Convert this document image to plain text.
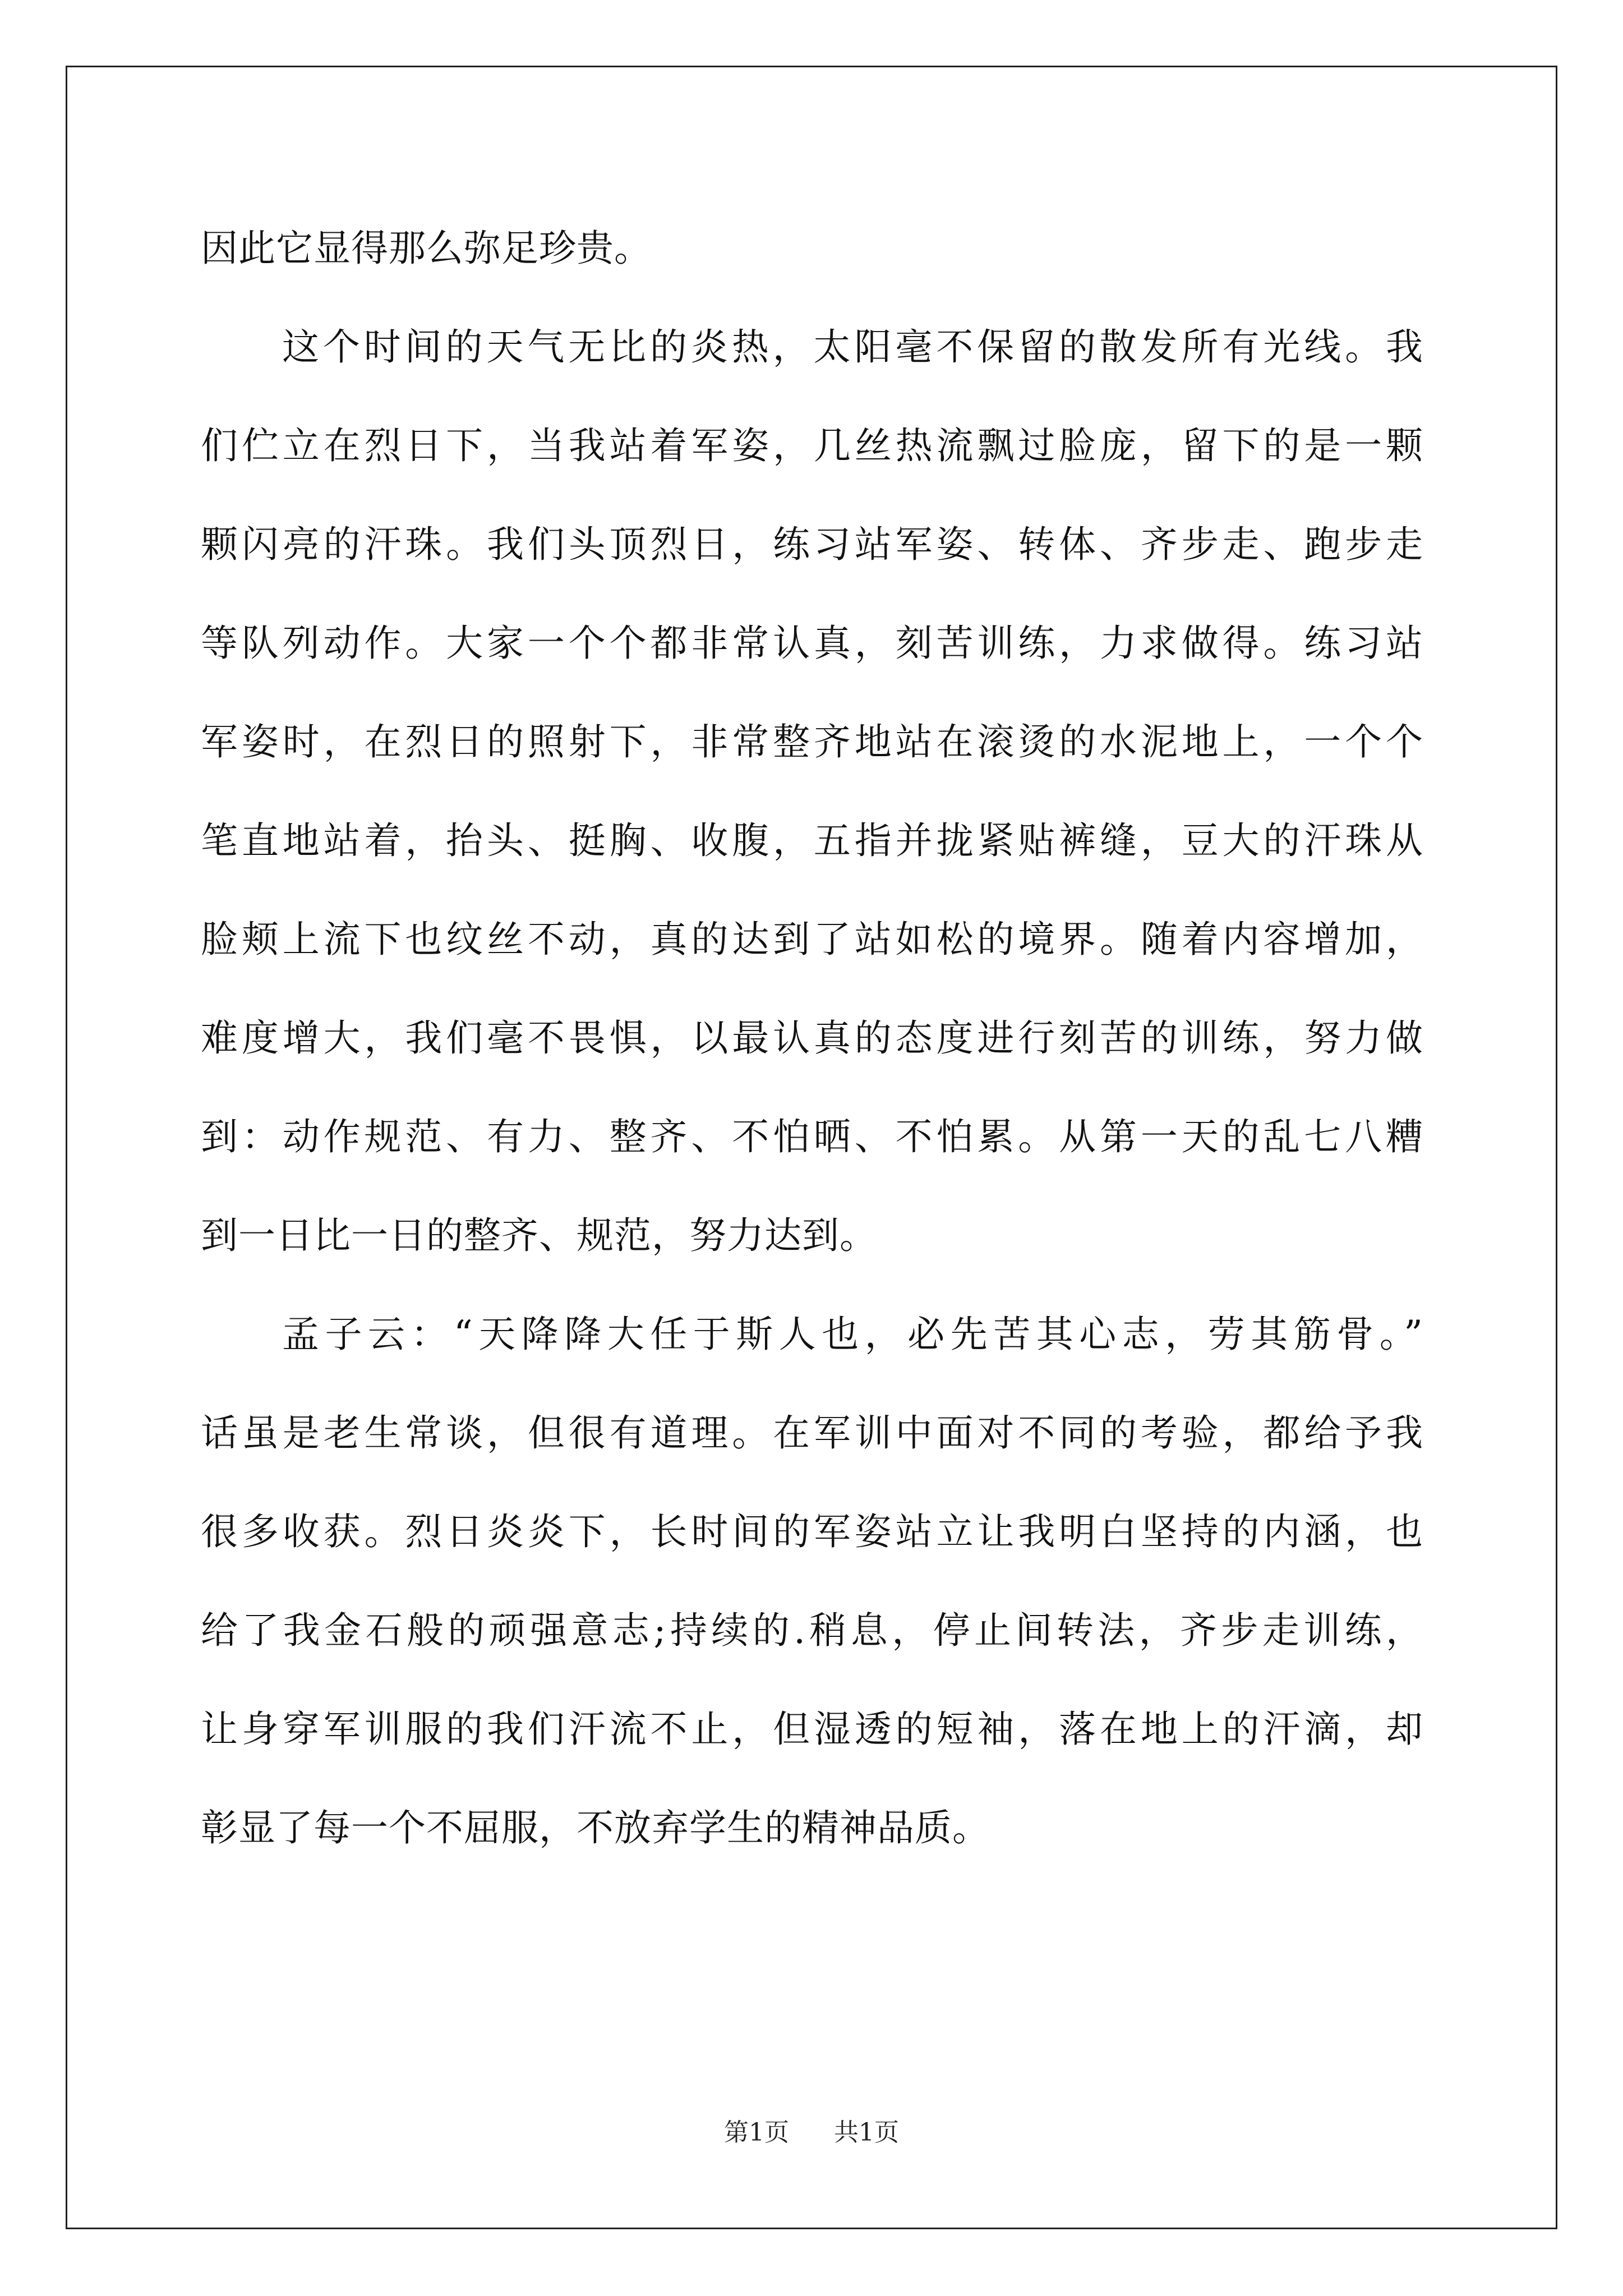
因此它显得那么弥足珍贵。
这个时间的天气无比的炎热，太阳毫不保留的散发所有光线。我
们伫立在烈日下，当我站着军姿，几丝热流飘过脸庞，留下的是一颗
颗闪亮的汗珠。我们头顶烈日，练习站军姿、转体、齐步走、跑步走
等队列动作。大家一个个都非常认真，刻苦训练，力求做得。练习站
军姿时，在烈日的照射下，非常整齐地站在滚烫的水泥地上，一个个
笔直地站着，抬头、挺胸、收腹，五指并拢紧贴裤缝，豆大的汗珠从
脸颊上流下也纹丝不动，真的达到了站如松的境界。随着内容增加，
难度增大，我们毫不畏惧，以最认真的态度进行刻苦的训练，努力做
到：动作规范、有力、整齐、不怕晒、不怕累。从第一天的乱七八糟
到一日比一日的整齐、规范，努力达到。
孟子云：“天降降大任于斯人也，必先苦其心志，劳其筋骨。”
话虽是老生常谈，但很有道理。在军训中面对不同的考验，都给予我
很多收获。烈日炎炎下，长时间的军姿站立让我明白坚持的内涵，也
给了我金石般的顽强意志;持续的.稍息，停止间转法，齐步走训练，
让身穿军训服的我们汗流不止，但湿透的短袖，落在地上的汗滴，却
彰显了每一个不屈服，不放弃学生的精神品质。
第1页 共1页
